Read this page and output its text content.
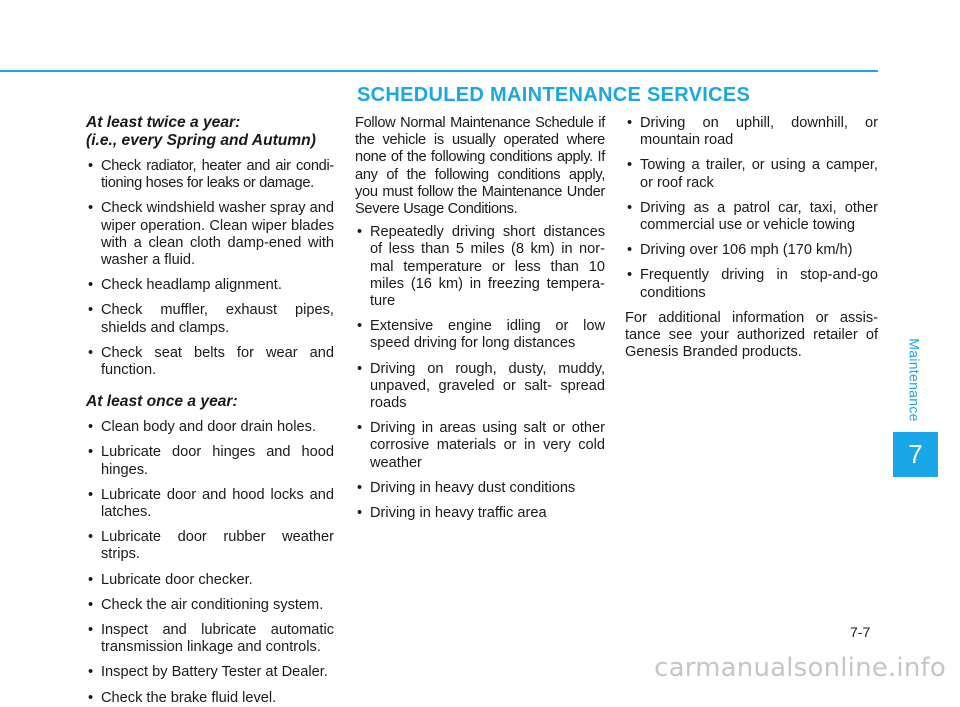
SCHEDULED MAINTENANCE SERVICES
At least twice a year:
(i.e., every Spring and Autumn)
• Check radiator, heater and air condi-tioning hoses for leaks or damage.
• Check windshield washer spray and wiper operation. Clean wiper blades with a clean cloth damp-ened with washer a fluid.
• Check headlamp alignment.
• Check muffler, exhaust pipes, shields and clamps.
• Check seat belts for wear and function.
At least once a year:
• Clean body and door drain holes.
• Lubricate door hinges and hood hinges.
• Lubricate door and hood locks and latches.
• Lubricate door rubber weather strips.
• Lubricate door checker.
• Check the air conditioning system.
• Inspect and lubricate automatic transmission linkage and controls.
• Inspect by Battery Tester at Dealer.
• Check the brake fluid level.
Follow Normal Maintenance Schedule if the vehicle is usually operated where none of the following conditions apply. If any of the following conditions apply, you must follow the Maintenance Under Severe Usage Conditions.
• Repeatedly driving short distances of less than 5 miles (8 km) in nor-mal temperature or less than 10 miles (16 km) in freezing tempera-ture
• Extensive engine idling or low speed driving for long distances
• Driving on rough, dusty, muddy, unpaved, graveled or salt- spread roads
• Driving in areas using salt or other corrosive materials or in very cold weather
• Driving in heavy dust conditions
• Driving in heavy traffic area
• Driving on uphill, downhill, or mountain road
• Towing a trailer, or using a camper, or roof rack
• Driving as a patrol car, taxi, other commercial use or vehicle towing
• Driving over 106 mph (170 km/h)
• Frequently driving in stop-and-go conditions
For additional information or assis-tance see your authorized retailer of Genesis Branded products.	Maintenance
7
7-7
carmanualsonline.info
